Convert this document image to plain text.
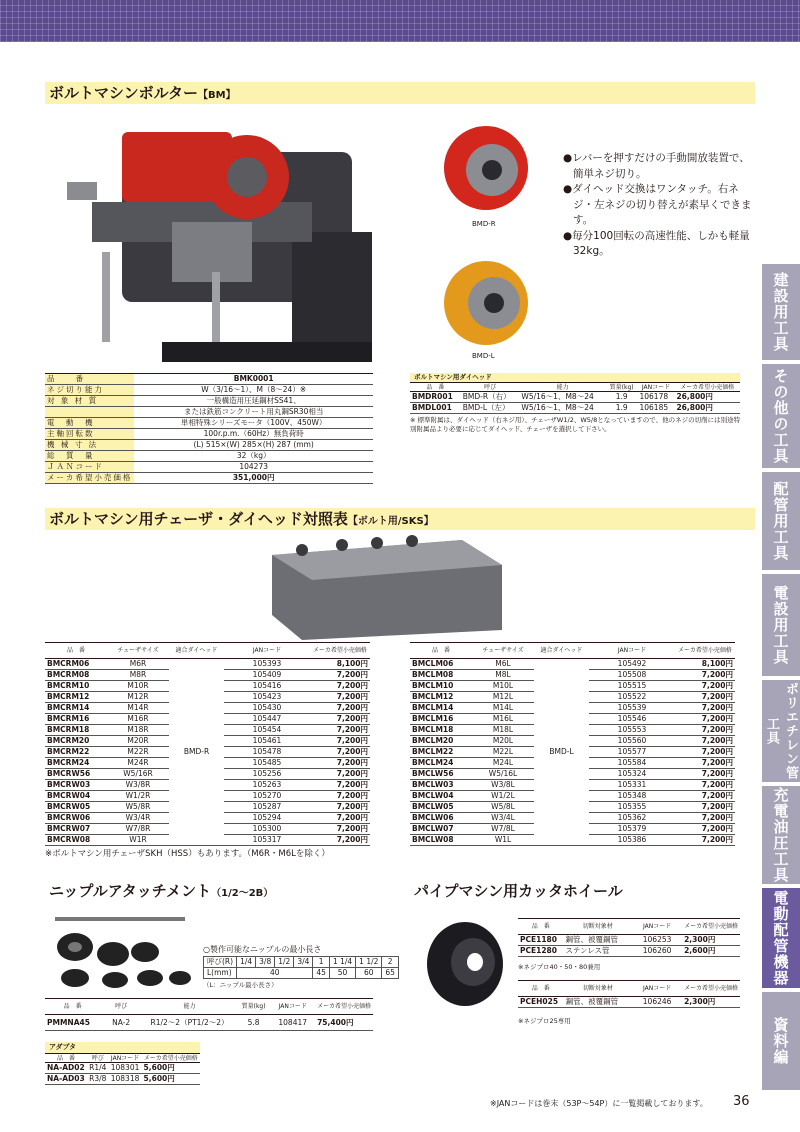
ボルトマシンボルター【BM】
BMD-R
BMD-L
●レバーを押すだけの手動開放装置で、簡単ネジ切り。
●ダイヘッド交換はワンタッチ。右ネジ・左ネジの切り替えが素早くできます。
●毎分100回転の高速性能、しかも軽量　32kg。
品　　番	BMK0001
ネジ切り能力	W（3/16〜1）、M（8〜24）※
対 象 材 質	一般構造用圧延鋼材SS41、
	または鉄筋コンクリート用丸鋼SR30相当
電　動　機	単相特殊シリーズモータ（100V、450W）
主軸回転数	100r.p.m.（60Hz）無負荷時
機 械 寸 法	(L) 515×(W) 285×(H) 287 (mm)
総　質　量	32（kg）
ＪＡＮコード	104273
メーカ希望小売価格	351,000円
ボルトマシン用ダイヘッド
品　番	呼び	能力	質量(kg)	JANコード	メーカ希望小売価格
BMDR001	BMD-R（右）	W5/16〜1、M8〜24	1.9	106178	26,800円
BMDL001	BMD-L（左）	W5/16〜1、M8〜24	1.9	106185	26,800円
※ 標準附属は、ダイヘッド（右ネジ用）、チェーザW1/2、W5/8となっていますので、他のネジの切削には別途特別附属品より必要に応じてダイヘッド、チェーザを選択して下さい。
ボルトマシン用チェーザ・ダイヘッド対照表【ボルト用/SKS】
品　番	チェーザサイズ	適合ダイヘッド	JANコード	メーカ希望小売価格
BMCRM06	M6R	BMD-R	105393	8,100円
BMCRM08	M8R		105409	7,200円
BMCRM10	M10R		105416	7,200円
BMCRM12	M12R		105423	7,200円
BMCRM14	M14R		105430	7,200円
BMCRM16	M16R		105447	7,200円
BMCRM18	M18R		105454	7,200円
BMCRM20	M20R		105461	7,200円
BMCRM22	M22R		105478	7,200円
BMCRM24	M24R		105485	7,200円
BMCRW56	W5/16R		105256	7,200円
BMCRW03	W3/8R		105263	7,200円
BMCRW04	W1/2R		105270	7,200円
BMCRW05	W5/8R		105287	7,200円
BMCRW06	W3/4R		105294	7,200円
BMCRW07	W7/8R		105300	7,200円
BMCRW08	W1R		105317	7,200円
品　番	チェーザサイズ	適合ダイヘッド	JANコード	メーカ希望小売価格
BMCLM06	M6L	BMD-L	105492	8,100円
BMCLM08	M8L		105508	7,200円
BMCLM10	M10L		105515	7,200円
BMCLM12	M12L		105522	7,200円
BMCLM14	M14L		105539	7,200円
BMCLM16	M16L		105546	7,200円
BMCLM18	M18L		105553	7,200円
BMCLM20	M20L		105560	7,200円
BMCLM22	M22L		105577	7,200円
BMCLM24	M24L		105584	7,200円
BMCLW56	W5/16L		105324	7,200円
BMCLW03	W3/8L		105331	7,200円
BMCLW04	W1/2L		105348	7,200円
BMCLW05	W5/8L		105355	7,200円
BMCLW06	W3/4L		105362	7,200円
BMCLW07	W7/8L		105379	7,200円
BMCLW08	W1L		105386	7,200円
※ボルトマシン用チェーザSKH（HSS）もあります。（M6R・M6Lを除く）
ニップルアタッチメント（1/2〜2B）
○製作可能なニップルの最小長さ
呼び(R)	1/4	3/8	1/2	3/4	1	1 1/4	1 1/2	2
L(mm)	40				45	50	60	65
（L：ニップル最小長さ）
品　番	呼び	能力	質量(kg)	JANコード	メーカ希望小売価格
PMMNA45	NA-2	R1/2〜2（PT1/2〜2）	5.8	108417	75,400円
アダプタ
品　番	呼び	JANコード	メーカ希望小売価格
NA-AD02	R1/4	108301	5,600円
NA-AD03	R3/8	108318	5,600円
パイプマシン用カッタホイール
品　番	切断対象材	JANコード	メーカ希望小売価格
PCE1180	鋼管、被覆鋼管	106253	2,300円
PCE1280	ステンレス管	106260	2,600円
※ネジプロ40・50・80兼用
品　番	切断対象材	JANコード	メーカ希望小売価格
PCEH025	鋼管、被覆鋼管	106246	2,300円
※ネジプロ25専用
※JANコードは巻末（53P〜54P）に一覧掲載しております。 36
建設用工具
その他の工具
配管用工具
電設用工具
ポリエチレン管工具
充電油圧工具
電動配管機器
資料編
